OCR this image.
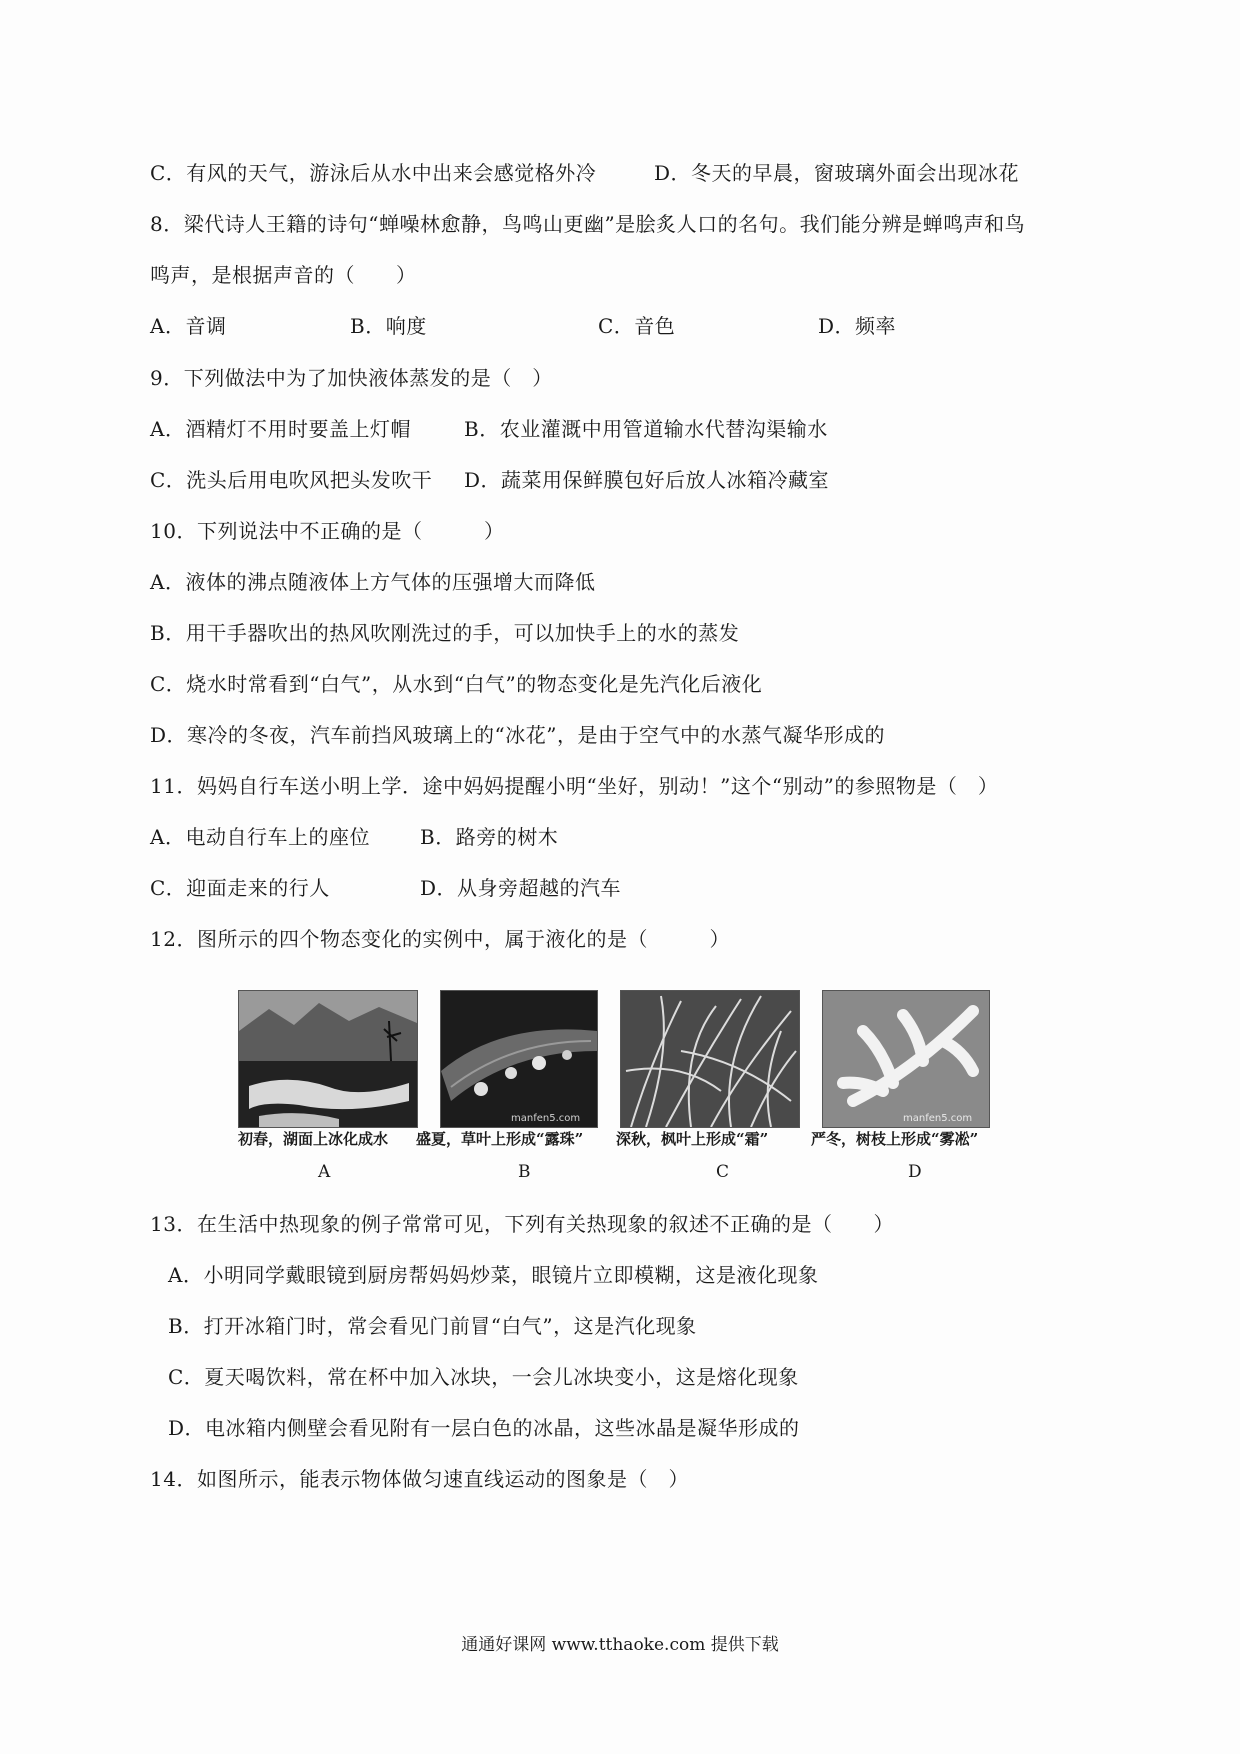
C．有风的天气，游泳后从水中出来会感觉格外冷	D．冬天的早晨，窗玻璃外面会出现冰花
8．梁代诗人王籍的诗句“蝉噪林愈静，鸟鸣山更幽”是脍炙人口的名句。我们能分辨是蝉鸣声和鸟
鸣声，是根据声音的（　　）
A．音调	B．响度	C．音色	D．频率
9．下列做法中为了加快液体蒸发的是（　）
A．酒精灯不用时要盖上灯帽	B．农业灌溉中用管道输水代替沟渠输水
C．洗头后用电吹风把头发吹干 D．蔬菜用保鲜膜包好后放人冰箱冷藏室
10．下列说法中不正确的是（　　　）
A．液体的沸点随液体上方气体的压强增大而降低
B．用干手器吹出的热风吹刚洗过的手，可以加快手上的水的蒸发
C．烧水时常看到“白气”，从水到“白气”的物态变化是先汽化后液化
D．寒冷的冬夜，汽车前挡风玻璃上的“冰花”，是由于空气中的水蒸气凝华形成的
11．妈妈自行车送小明上学．途中妈妈提醒小明“坐好，别动！”这个“别动”的参照物是（　）
A．电动自行车上的座位	B．路旁的树木
C．迎面走来的行人	D．从身旁超越的汽车
12．图所示的四个物态变化的实例中，属于液化的是（　　　）
manfen5.com	manfen5.com
初春，湖面上冰化成水 盛夏，草叶上形成“露珠” 深秋，枫叶上形成“霜”	严冬，树枝上形成“雾凇”
A	B	C	D
13．在生活中热现象的例子常常可见，下列有关热现象的叙述不正确的是（　　）
A．小明同学戴眼镜到厨房帮妈妈炒菜，眼镜片立即模糊，这是液化现象
B．打开冰箱门时，常会看见门前冒“白气”，这是汽化现象
C．夏天喝饮料，常在杯中加入冰块，一会儿冰块变小，这是熔化现象
D．电冰箱内侧壁会看见附有一层白色的冰晶，这些冰晶是凝华形成的
14．如图所示，能表示物体做匀速直线运动的图象是（　）
通通好课网 www.tthaoke.com 提供下载
